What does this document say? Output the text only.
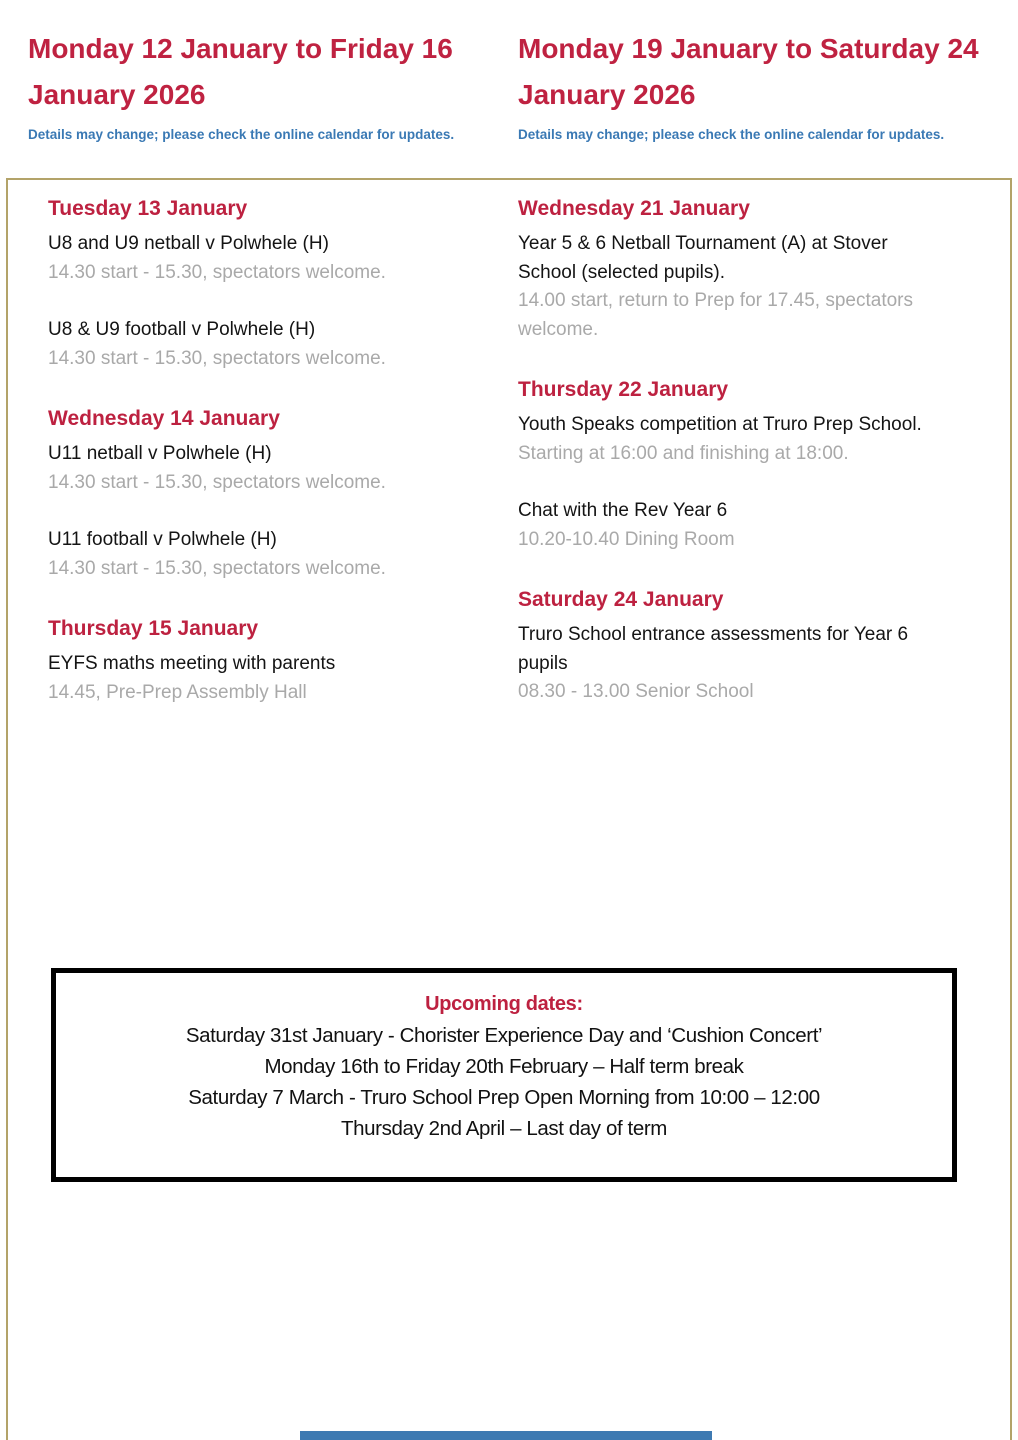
Monday 12 January to Friday 16 January 2026
Details may change; please check the online calendar for updates.
Monday 19 January to Saturday 24 January 2026
Details may change; please check the online calendar for updates.
Tuesday 13 January
U8 and U9 netball v Polwhele (H)
14.30 start - 15.30, spectators welcome.
U8 & U9 football v Polwhele (H)
14.30 start - 15.30, spectators welcome.
Wednesday 14 January
U11 netball v Polwhele (H)
14.30 start - 15.30, spectators welcome.
U11 football v Polwhele (H)
14.30 start - 15.30, spectators welcome.
Thursday 15 January
EYFS maths meeting with parents
14.45, Pre-Prep Assembly Hall
Wednesday 21 January
Year 5 & 6 Netball Tournament (A) at Stover School (selected pupils).
14.00 start, return to Prep for 17.45, spectators welcome.
Thursday 22 January
Youth Speaks competition at Truro Prep School.
Starting at 16:00 and finishing at 18:00.
Chat with the Rev Year 6
10.20-10.40 Dining Room
Saturday 24 January
Truro School entrance assessments for Year 6 pupils
08.30 - 13.00 Senior School
Upcoming dates:
Saturday 31st January - Chorister Experience Day and ‘Cushion Concert’
Monday 16th to Friday 20th February – Half term break
Saturday 7 March - Truro School Prep Open Morning from 10:00 – 12:00
Thursday 2nd April – Last day of term
